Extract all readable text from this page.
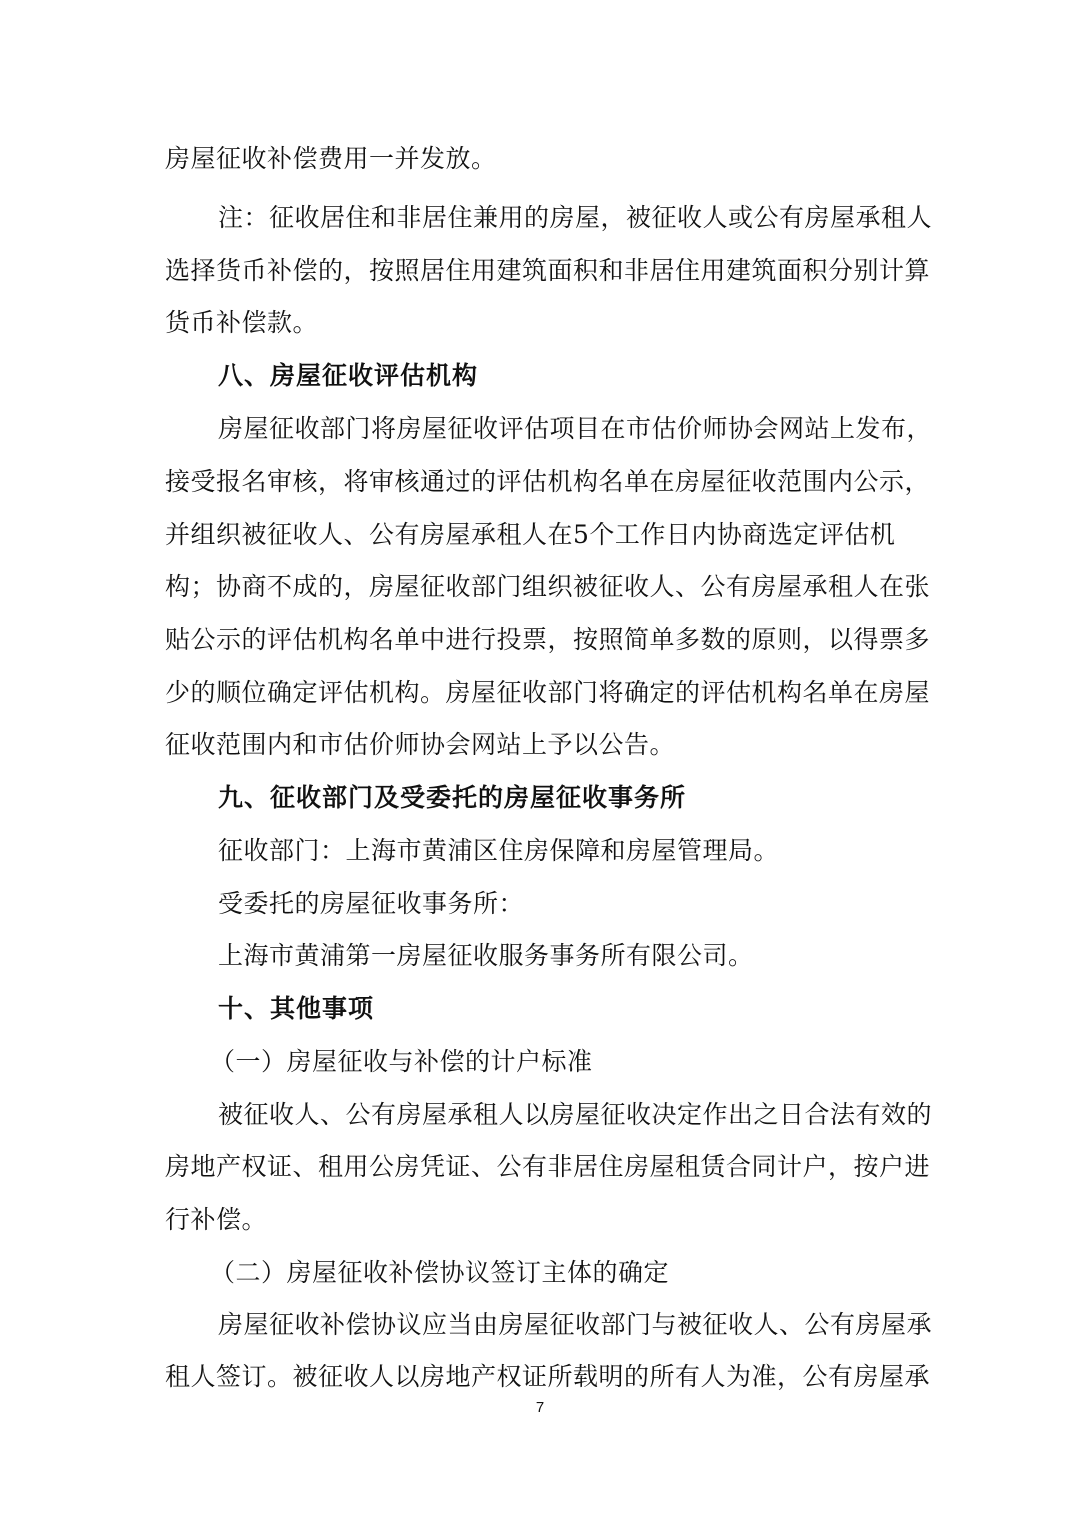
房屋征收补偿费用一并发放。
注：征收居住和非居住兼用的房屋，被征收人或公有房屋承租人
选择货币补偿的，按照居住用建筑面积和非居住用建筑面积分别计算
货币补偿款。
八、房屋征收评估机构
房屋征收部门将房屋征收评估项目在市估价师协会网站上发布，
接受报名审核，将审核通过的评估机构名单在房屋征收范围内公示，
并组织被征收人、公有房屋承租人在5个工作日内协商选定评估机
构；协商不成的，房屋征收部门组织被征收人、公有房屋承租人在张
贴公示的评估机构名单中进行投票，按照简单多数的原则，以得票多
少的顺位确定评估机构。房屋征收部门将确定的评估机构名单在房屋
征收范围内和市估价师协会网站上予以公告。
九、征收部门及受委托的房屋征收事务所
征收部门：上海市黄浦区住房保障和房屋管理局。
受委托的房屋征收事务所：
上海市黄浦第一房屋征收服务事务所有限公司。
十、其他事项
（一）房屋征收与补偿的计户标准
被征收人、公有房屋承租人以房屋征收决定作出之日合法有效的
房地产权证、租用公房凭证、公有非居住房屋租赁合同计户，按户进
行补偿。
（二）房屋征收补偿协议签订主体的确定
房屋征收补偿协议应当由房屋征收部门与被征收人、公有房屋承
租人签订。被征收人以房地产权证所载明的所有人为准，公有房屋承
7
